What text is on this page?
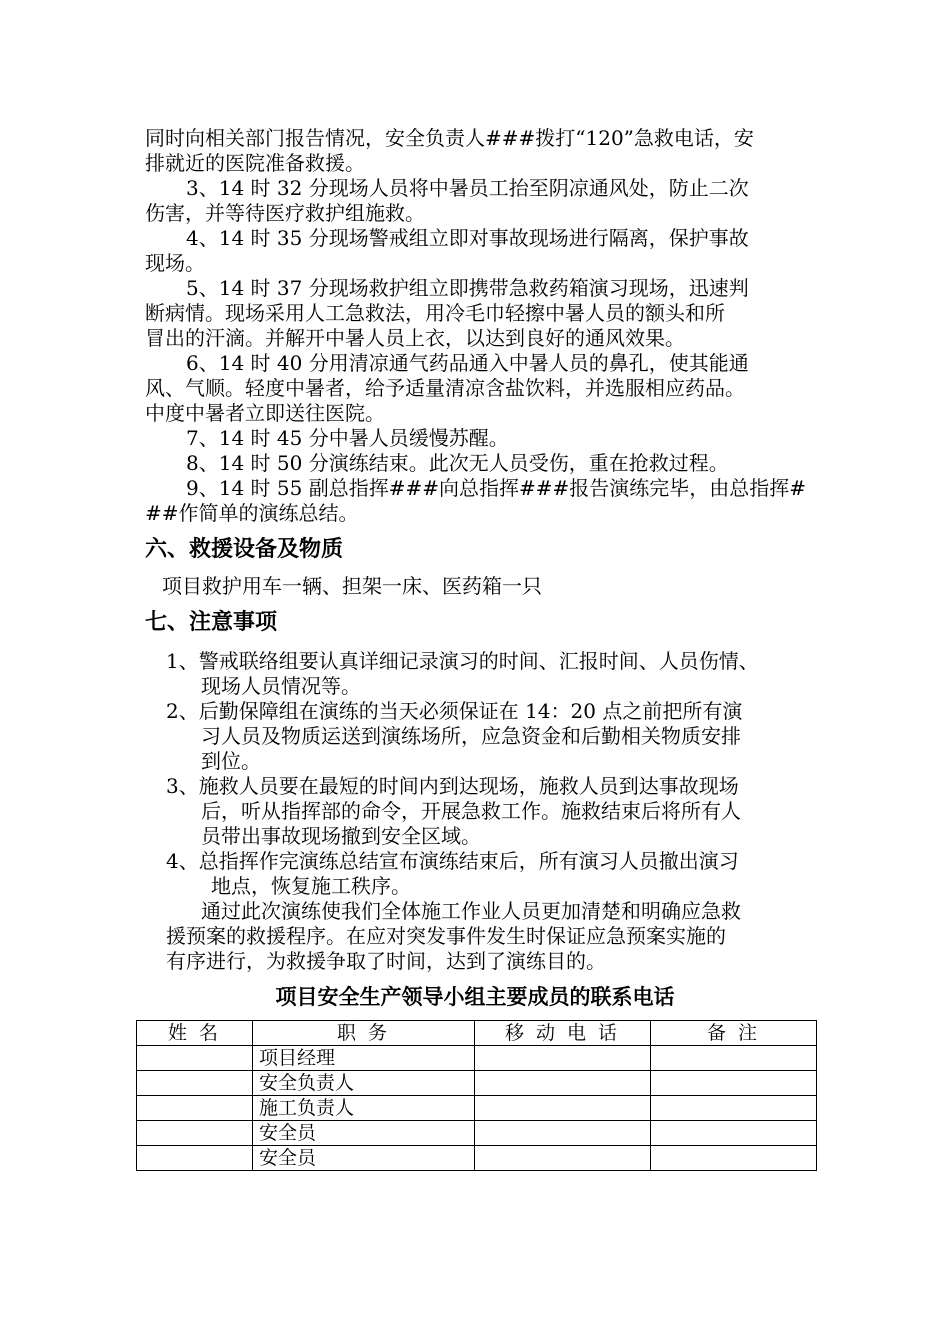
同时向相关部门报告情况，安全负责人###拨打“120”急救电话，安
排就近的医院准备救援。
3、14 时 32 分现场人员将中暑员工抬至阴凉通风处，防止二次
伤害，并等待医疗救护组施救。
4、14 时 35 分现场警戒组立即对事故现场进行隔离，保护事故
现场。
5、14 时 37 分现场救护组立即携带急救药箱演习现场，迅速判
断病情。现场采用人工急救法，用冷毛巾轻擦中暑人员的额头和所
冒出的汗滴。并解开中暑人员上衣，以达到良好的通风效果。
6、14 时 40 分用清凉通气药品通入中暑人员的鼻孔，使其能通
风、气顺。轻度中暑者，给予适量清凉含盐饮料，并选服相应药品。
中度中暑者立即送往医院。
7、14 时 45 分中暑人员缓慢苏醒。
8、14 时 50 分演练结束。此次无人员受伤，重在抢救过程。
9、14 时 55 副总指挥###向总指挥###报告演练完毕，由总指挥#
##作简单的演练总结。
六、救援设备及物质
项目救护用车一辆、担架一床、医药箱一只
七、注意事项
1、警戒联络组要认真详细记录演习的时间、汇报时间、人员伤情、
现场人员情况等。
2、后勤保障组在演练的当天必须保证在 14：20 点之前把所有演
习人员及物质运送到演练场所，应急资金和后勤相关物质安排
到位。
3、施救人员要在最短的时间内到达现场，施救人员到达事故现场
后，听从指挥部的命令，开展急救工作。施救结束后将所有人
员带出事故现场撤到安全区域。
4、总指挥作完演练总结宣布演练结束后，所有演习人员撤出演习
地点，恢复施工秩序。
通过此次演练使我们全体施工作业人员更加清楚和明确应急救
援预案的救援程序。在应对突发事件发生时保证应急预案实施的
有序进行，为救援争取了时间，达到了演练目的。
项目安全生产领导小组主要成员的联系电话
姓 名	职 务	移 动 电 话	备 注
	项目经理		
	安全负责人		
	施工负责人		
	安全员		
	安全员		
